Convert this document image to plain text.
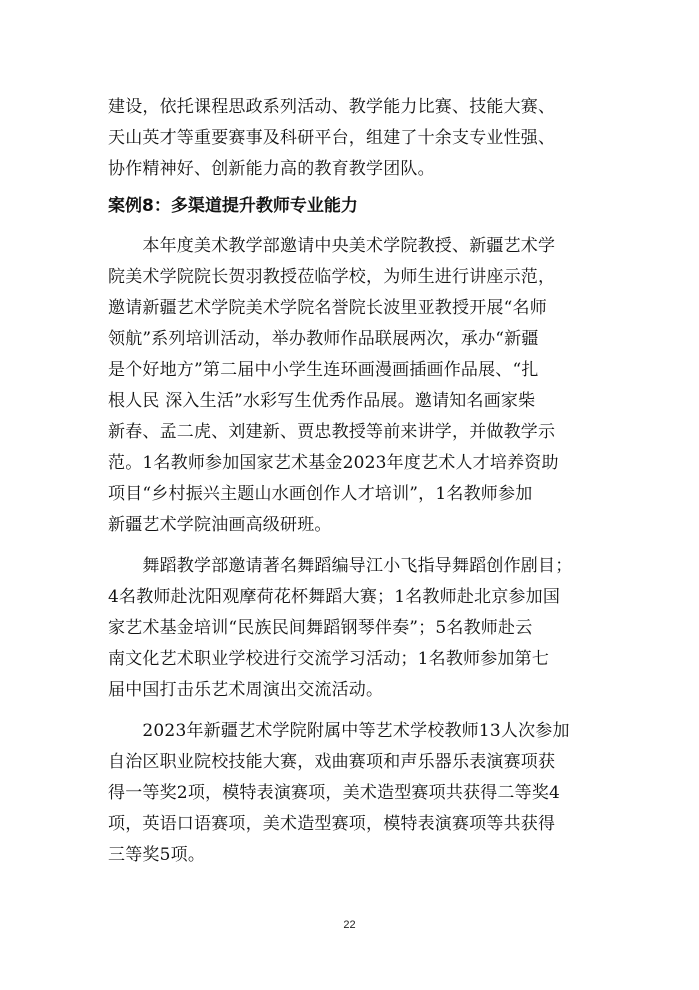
建设，依托课程思政系列活动、教学能力比赛、技能大赛、
天山英才等重要赛事及科研平台，组建了十余支专业性强、
协作精神好、创新能力高的教育教学团队。
案例8：多渠道提升教师专业能力
　　本年度美术教学部邀请中央美术学院教授、新疆艺术学
院美术学院院长贺羽教授莅临学校，为师生进行讲座示范，
邀请新疆艺术学院美术学院名誉院长波里亚教授开展“名师
领航”系列培训活动，举办教师作品联展两次，承办“新疆
是个好地方”第二届中小学生连环画漫画插画作品展、“扎
根人民 深入生活”水彩写生优秀作品展。邀请知名画家柴
新春、孟二虎、刘建新、贾忠教授等前来讲学，并做教学示
范。1名教师参加国家艺术基金2023年度艺术人才培养资助
项目“乡村振兴主题山水画创作人才培训”，1名教师参加
新疆艺术学院油画高级研班。
　　舞蹈教学部邀请著名舞蹈编导江小飞指导舞蹈创作剧目；
4名教师赴沈阳观摩荷花杯舞蹈大赛；1名教师赴北京参加国
家艺术基金培训“民族民间舞蹈钢琴伴奏”；5名教师赴云
南文化艺术职业学校进行交流学习活动；1名教师参加第七
届中国打击乐艺术周演出交流活动。
　　2023年新疆艺术学院附属中等艺术学校教师13人次参加
自治区职业院校技能大赛，戏曲赛项和声乐器乐表演赛项获
得一等奖2项，模特表演赛项，美术造型赛项共获得二等奖4
项，英语口语赛项，美术造型赛项，模特表演赛项等共获得
三等奖5项。
22
